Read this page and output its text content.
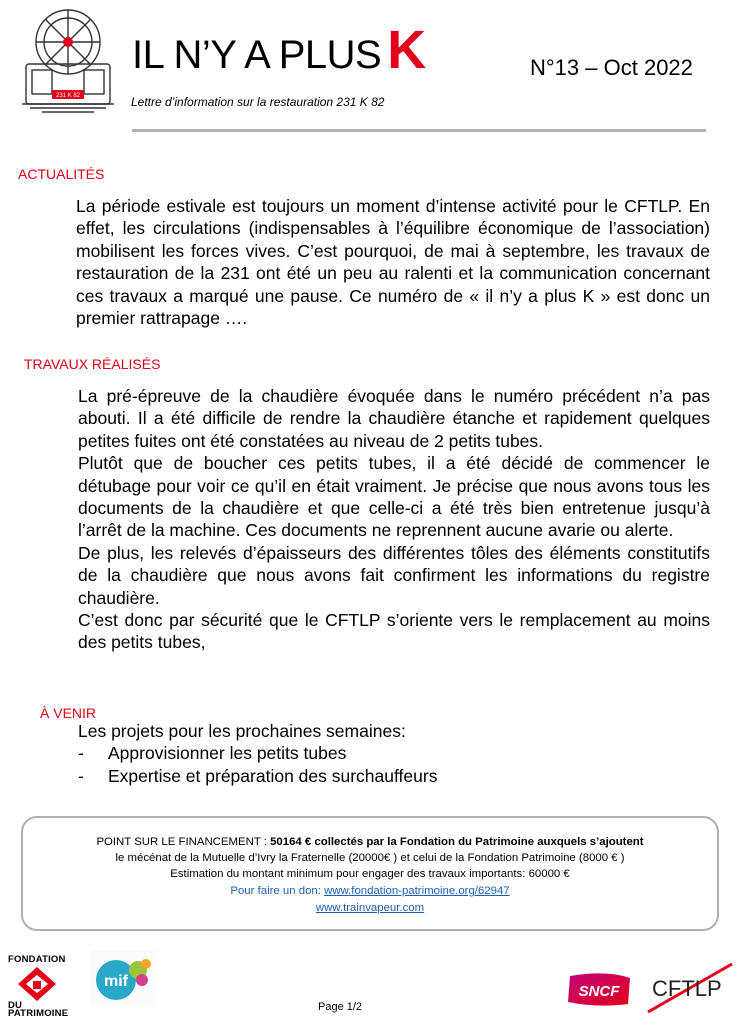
231 K 82
IL N’Y A PLUS K	N°13 – Oct 2022
Lettre d’information sur la restauration 231 K 82
ACTUALITÉS

La période estivale est toujours un moment d’intense activité pour le CFTLP. En effet, les circulations (indispensables à l’équilibre économique de l’association) mobilisent les forces vives. C’est pourquoi, de mai à septembre, les travaux de restauration de la 231 ont été un peu au ralenti et la communication concernant ces travaux a marqué une pause. Ce numéro de « il n’y a plus K » est donc un premier rattrapage ….

TRAVAUX RÉALISÉS

La pré-épreuve de la chaudière évoquée dans le numéro précédent n’a pas abouti. Il a été difficile de rendre la chaudière étanche et rapidement quelques petites fuites ont été constatées au niveau de 2 petits tubes.

Plutôt que de boucher ces petits tubes, il a été décidé de commencer le détubage pour voir ce qu’il en était vraiment. Je précise que nous avons tous les documents de la chaudière et que celle-ci a été très bien entretenue jusqu’à l’arrêt de la machine. Ces documents ne reprennent aucune avarie ou alerte.

De plus, les relevés d’épaisseurs des différentes tôles des éléments constitutifs de la chaudière que nous avons fait confirment les informations du registre chaudière.

C’est donc par sécurité que le CFTLP s’oriente vers le remplacement au moins des petits tubes,

À VENIR
Les projets pour les prochaines semaines:
-	Approvisionner les petits tubes
-	Expertise et préparation des surchauffeurs
POINT SUR LE FINANCEMENT : 50164 € collectés par la Fondation du Patrimoine auxquels s’ajoutent
le mécénat de la Mutuelle d’Ivry la Fraternelle (20000€ ) et celui de la Fondation Patrimoine (8000 € )
Estimation du montant minimum pour engager des travaux importants: 60000 €
Pour faire un don: www.fondation-patrimoine.org/62947
www.trainvapeur.com
FONDATION
DU
PATRIMOINE
mif
Page 1/2
SNCF CFTLP
